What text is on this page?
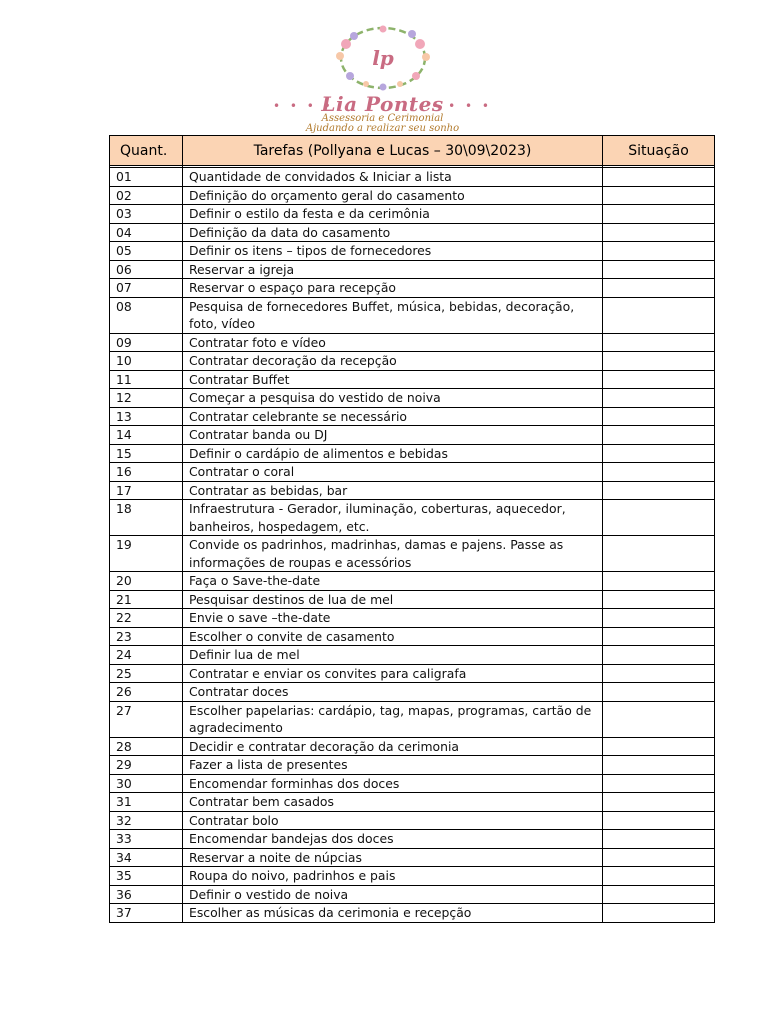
lp
• • • •
Lia Pontes
• • • •
Assessoria e Cerimonial
Ajudando a realizar seu sonho
Quant.	Tarefas (Pollyana e Lucas – 30\09\2023)	Situação

01	Quantidade de convidados & Iniciar a lista	
02	Definição do orçamento geral do casamento	
03	Definir o estilo da festa e da cerimônia	
04	Definição da data do casamento	
05	Definir os itens – tipos de fornecedores	
06	Reservar a igreja	
07	Reservar o espaço para recepção	
08	Pesquisa de fornecedores Buffet, música, bebidas, decoração, foto, vídeo	
09	Contratar foto e vídeo	
10	Contratar decoração da recepção	
11	Contratar Buffet	
12	Começar a pesquisa do vestido de noiva	
13	Contratar celebrante se necessário	
14	Contratar banda ou DJ	
15	Definir o cardápio de alimentos e bebidas	
16	Contratar o coral	
17	Contratar as bebidas, bar	
18	Infraestrutura - Gerador, iluminação, coberturas, aquecedor, banheiros, hospedagem, etc.	
19	Convide os padrinhos, madrinhas, damas e pajens. Passe as informações de roupas e acessórios	
20	Faça o Save-the-date	
21	Pesquisar destinos de lua de mel	
22	Envie o save –the-date	
23	Escolher o convite de casamento	
24	Definir lua de mel	
25	Contratar e enviar os convites para caligrafa	
26	Contratar doces	
27	Escolher papelarias: cardápio, tag, mapas, programas, cartão de agradecimento	
28	Decidir e contratar decoração da cerimonia	
29	Fazer a lista de presentes	
30	Encomendar forminhas dos doces	
31	Contratar bem casados	
32	Contratar bolo	
33	Encomendar bandejas dos doces	
34	Reservar a noite de núpcias	
35	Roupa do noivo, padrinhos e pais	
36	Definir o vestido de noiva	
37	Escolher as músicas da cerimonia e recepção	
